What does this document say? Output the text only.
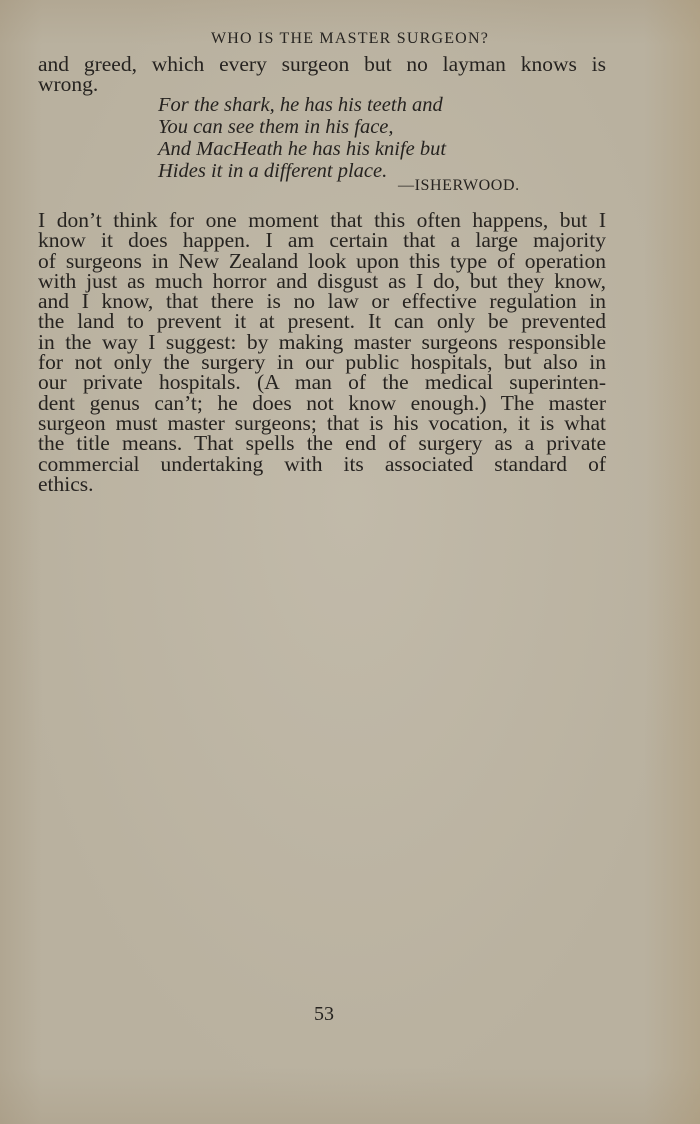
WHO IS THE MASTER SURGEON?
and greed, which every surgeon but no layman knows is
wrong.
For the shark, he has his teeth and
You can see them in his face,
And MacHeath he has his knife but
Hides it in a different place.
—ISHERWOOD.
I don’t think for one moment that this often happens, but I
know it does happen. I am certain that a large majority
of surgeons in New Zealand look upon this type of operation
with just as much horror and disgust as I do, but they know,
and I know, that there is no law or effective regulation in
the land to prevent it at present. It can only be prevented
in the way I suggest: by making master surgeons responsible
for not only the surgery in our public hospitals, but also in
our private hospitals. (A man of the medical superinten-
dent genus can’t; he does not know enough.) The master
surgeon must master surgeons; that is his vocation, it is what
the title means. That spells the end of surgery as a private
commercial undertaking with its associated standard of
ethics.
53
